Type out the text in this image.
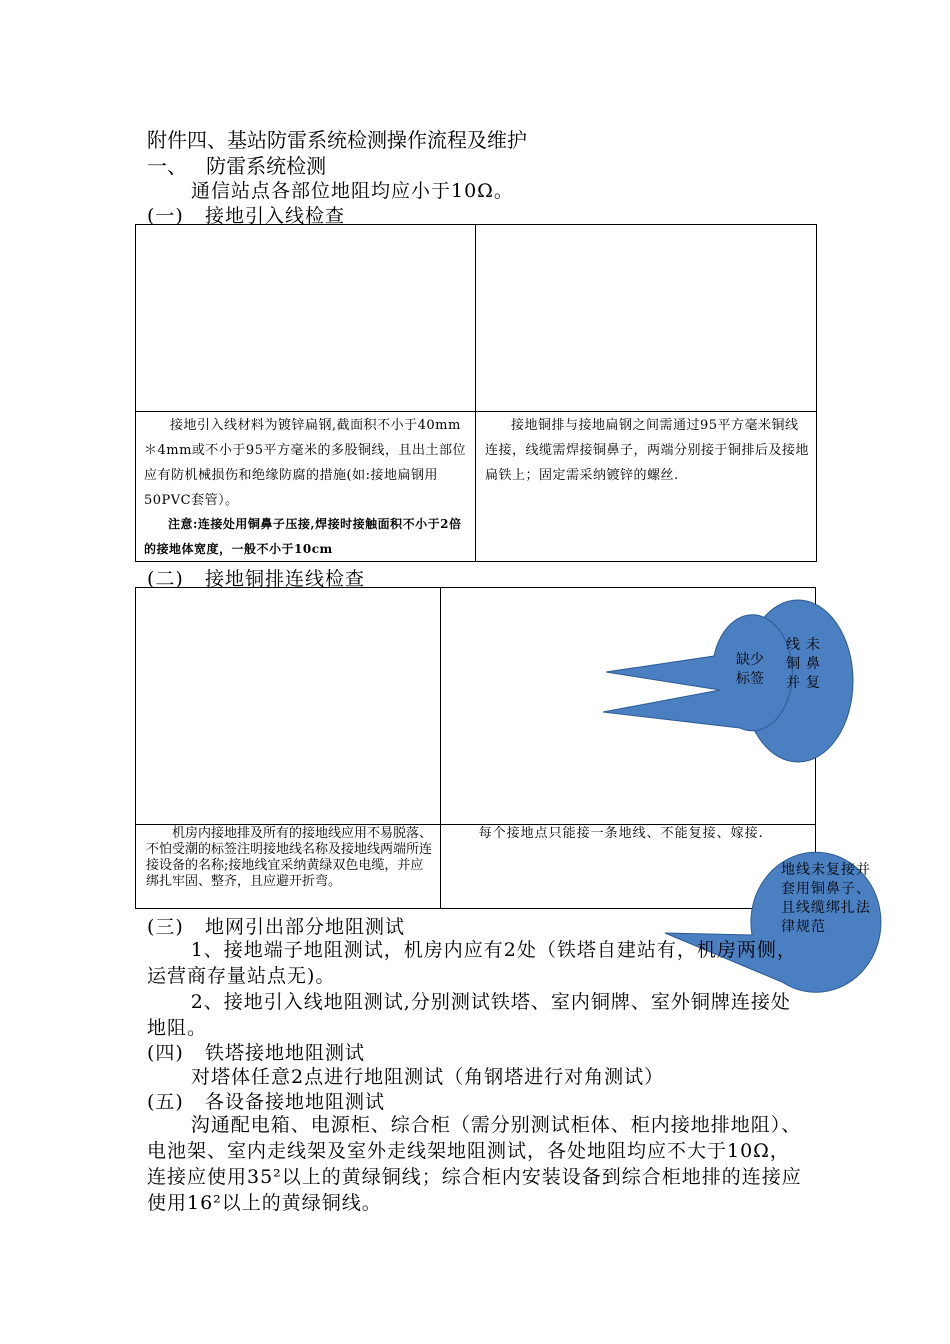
附件四、基站防雷系统检测操作流程及维护
一、   防雷系统检测
通信站点各部位地阻均应小于10Ω。
(一)   接地引入线检查
接地引入线材料为镀锌扁钢,截面积不小于40mm＊4mm或不小于95平方毫米的多股铜线，且出土部位应有防机械损伤和绝缘防腐的措施(如:接地扁钢用50PVC套管）。
注意:连接处用铜鼻子压接,焊接时接触面积不小于2倍的接地体宽度，一般不小于10cm
接地铜排与接地扁钢之间需通过95平方毫米铜线连接，线缆需焊接铜鼻子，两端分别接于铜排后及接地扁铁上；固定需采纳镀锌的螺丝.
(二)   接地铜排连线检查
机房内接地排及所有的接地线应用不易脱落、不怕受潮的标签注明接地线名称及接地线两端所连接设备的名称;接地线宜采纳黄绿双色电缆，并应绑扎牢固、整齐，且应避开折弯。
每个接地点只能接一条地线、不能复接、嫁接.
线未铜鼻并复
缺少标签
地线未复接并套用铜鼻子、且线缆绑扎法律规范
(三)   地网引出部分地阻测试
1、接地端子地阻测试，机房内应有2处（铁塔自建站有，机房两侧，运营商存量站点无)。
2、接地引入线地阻测试,分别测试铁塔、室内铜牌、室外铜牌连接处地阻。
(四)   铁塔接地地阻测试
对塔体任意2点进行地阻测试（角钢塔进行对角测试）
(五)   各设备接地地阻测试
沟通配电箱、电源柜、综合柜（需分别测试柜体、柜内接地排地阻）、电池架、室内走线架及室外走线架地阻测试，各处地阻均应不大于10Ω，连接应使用35²以上的黄绿铜线；综合柜内安装设备到综合柜地排的连接应使用16²以上的黄绿铜线。
